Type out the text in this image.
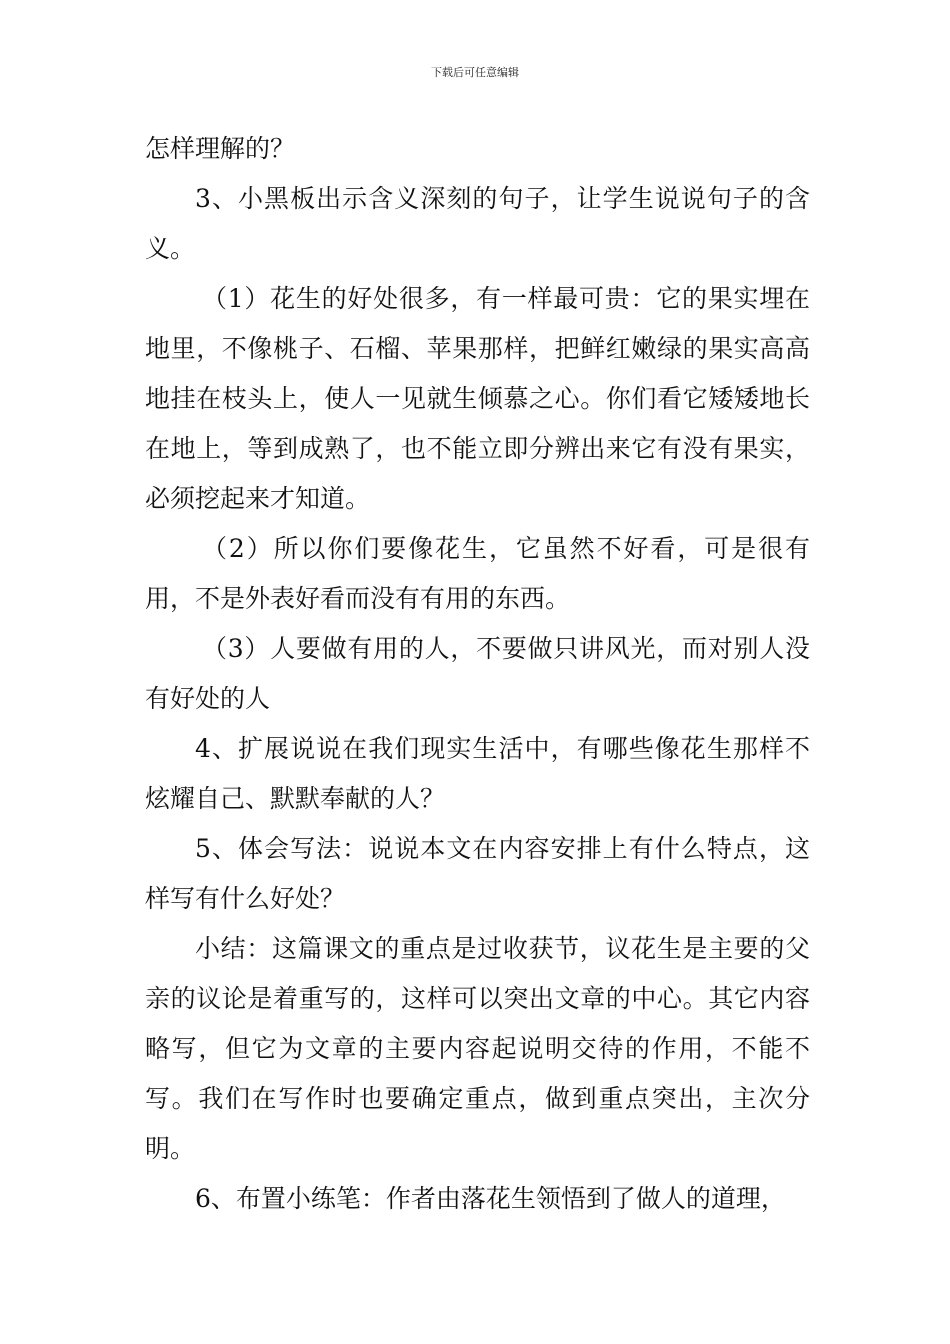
下载后可任意编辑

怎样理解的？

3、小黑板出示含义深刻的句子，让学生说说句子的含义。

（1）花生的好处很多，有一样最可贵：它的果实埋在地里，不像桃子、石榴、苹果那样，把鲜红嫩绿的果实高高地挂在枝头上，使人一见就生倾慕之心。你们看它矮矮地长在地上，等到成熟了，也不能立即分辨出来它有没有果实，必须挖起来才知道。

（2）所以你们要像花生，它虽然不好看，可是很有用，不是外表好看而没有有用的东西。

（3）人要做有用的人，不要做只讲风光，而对别人没有好处的人

4、扩展说说在我们现实生活中，有哪些像花生那样不炫耀自己、默默奉献的人？

5、体会写法：说说本文在内容安排上有什么特点，这样写有什么好处？

小结：这篇课文的重点是过收获节，议花生是主要的父亲的议论是着重写的，这样可以突出文章的中心。其它内容略写，但它为文章的主要内容起说明交待的作用，不能不写。我们在写作时也要确定重点，做到重点突出，主次分明。

6、布置小练笔：作者由落花生领悟到了做人的道理，
